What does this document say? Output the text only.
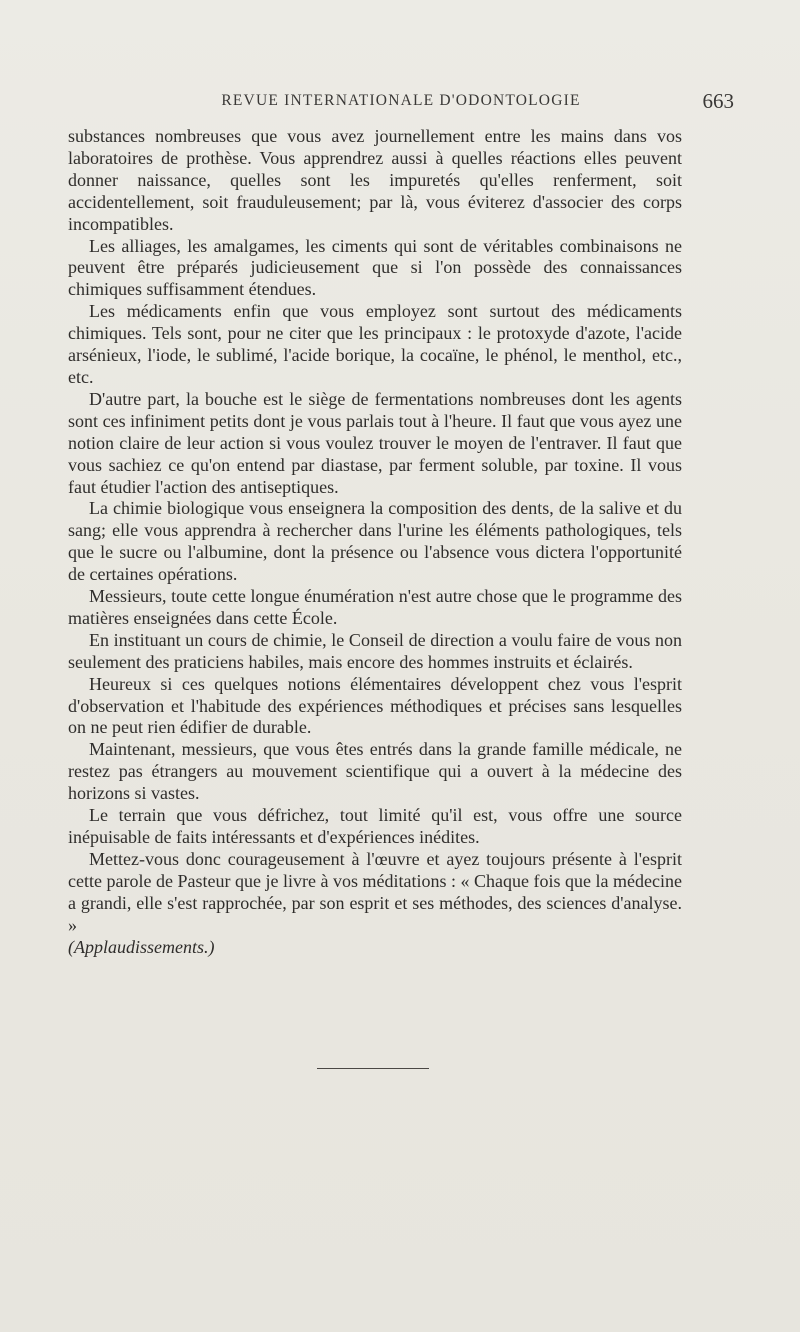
REVUE INTERNATIONALE D'ODONTOLOGIE	663

substances nombreuses que vous avez journellement entre les mains dans vos laboratoires de prothèse. Vous apprendrez aussi à quelles réactions elles peuvent donner naissance, quelles sont les impuretés qu'elles renferment, soit accidentellement, soit frauduleusement; par là, vous éviterez d'associer des corps incompatibles.

Les alliages, les amalgames, les ciments qui sont de véritables combinaisons ne peuvent être préparés judicieusement que si l'on possède des connaissances chimiques suffisamment étendues.

Les médicaments enfin que vous employez sont surtout des médicaments chimiques. Tels sont, pour ne citer que les principaux : le protoxyde d'azote, l'acide arsénieux, l'iode, le sublimé, l'acide borique, la cocaïne, le phénol, le menthol, etc., etc.

D'autre part, la bouche est le siège de fermentations nombreuses dont les agents sont ces infiniment petits dont je vous parlais tout à l'heure. Il faut que vous ayez une notion claire de leur action si vous voulez trouver le moyen de l'entraver. Il faut que vous sachiez ce qu'on entend par diastase, par ferment soluble, par toxine. Il vous faut étudier l'action des antiseptiques.

La chimie biologique vous enseignera la composition des dents, de la salive et du sang; elle vous apprendra à rechercher dans l'urine les éléments pathologiques, tels que le sucre ou l'albumine, dont la présence ou l'absence vous dictera l'opportunité de certaines opérations.

Messieurs, toute cette longue énumération n'est autre chose que le programme des matières enseignées dans cette École.

En instituant un cours de chimie, le Conseil de direction a voulu faire de vous non seulement des praticiens habiles, mais encore des hommes instruits et éclairés.

Heureux si ces quelques notions élémentaires développent chez vous l'esprit d'observation et l'habitude des expériences méthodiques et précises sans lesquelles on ne peut rien édifier de durable.

Maintenant, messieurs, que vous êtes entrés dans la grande famille médicale, ne restez pas étrangers au mouvement scientifique qui a ouvert à la médecine des horizons si vastes.

Le terrain que vous défrichez, tout limité qu'il est, vous offre une source inépuisable de faits intéressants et d'expériences inédites.

Mettez-vous donc courageusement à l'œuvre et ayez toujours présente à l'esprit cette parole de Pasteur que je livre à vos méditations : « Chaque fois que la médecine a grandi, elle s'est rapprochée, par son esprit et ses méthodes, des sciences d'analyse. »

(Applaudissements.)
